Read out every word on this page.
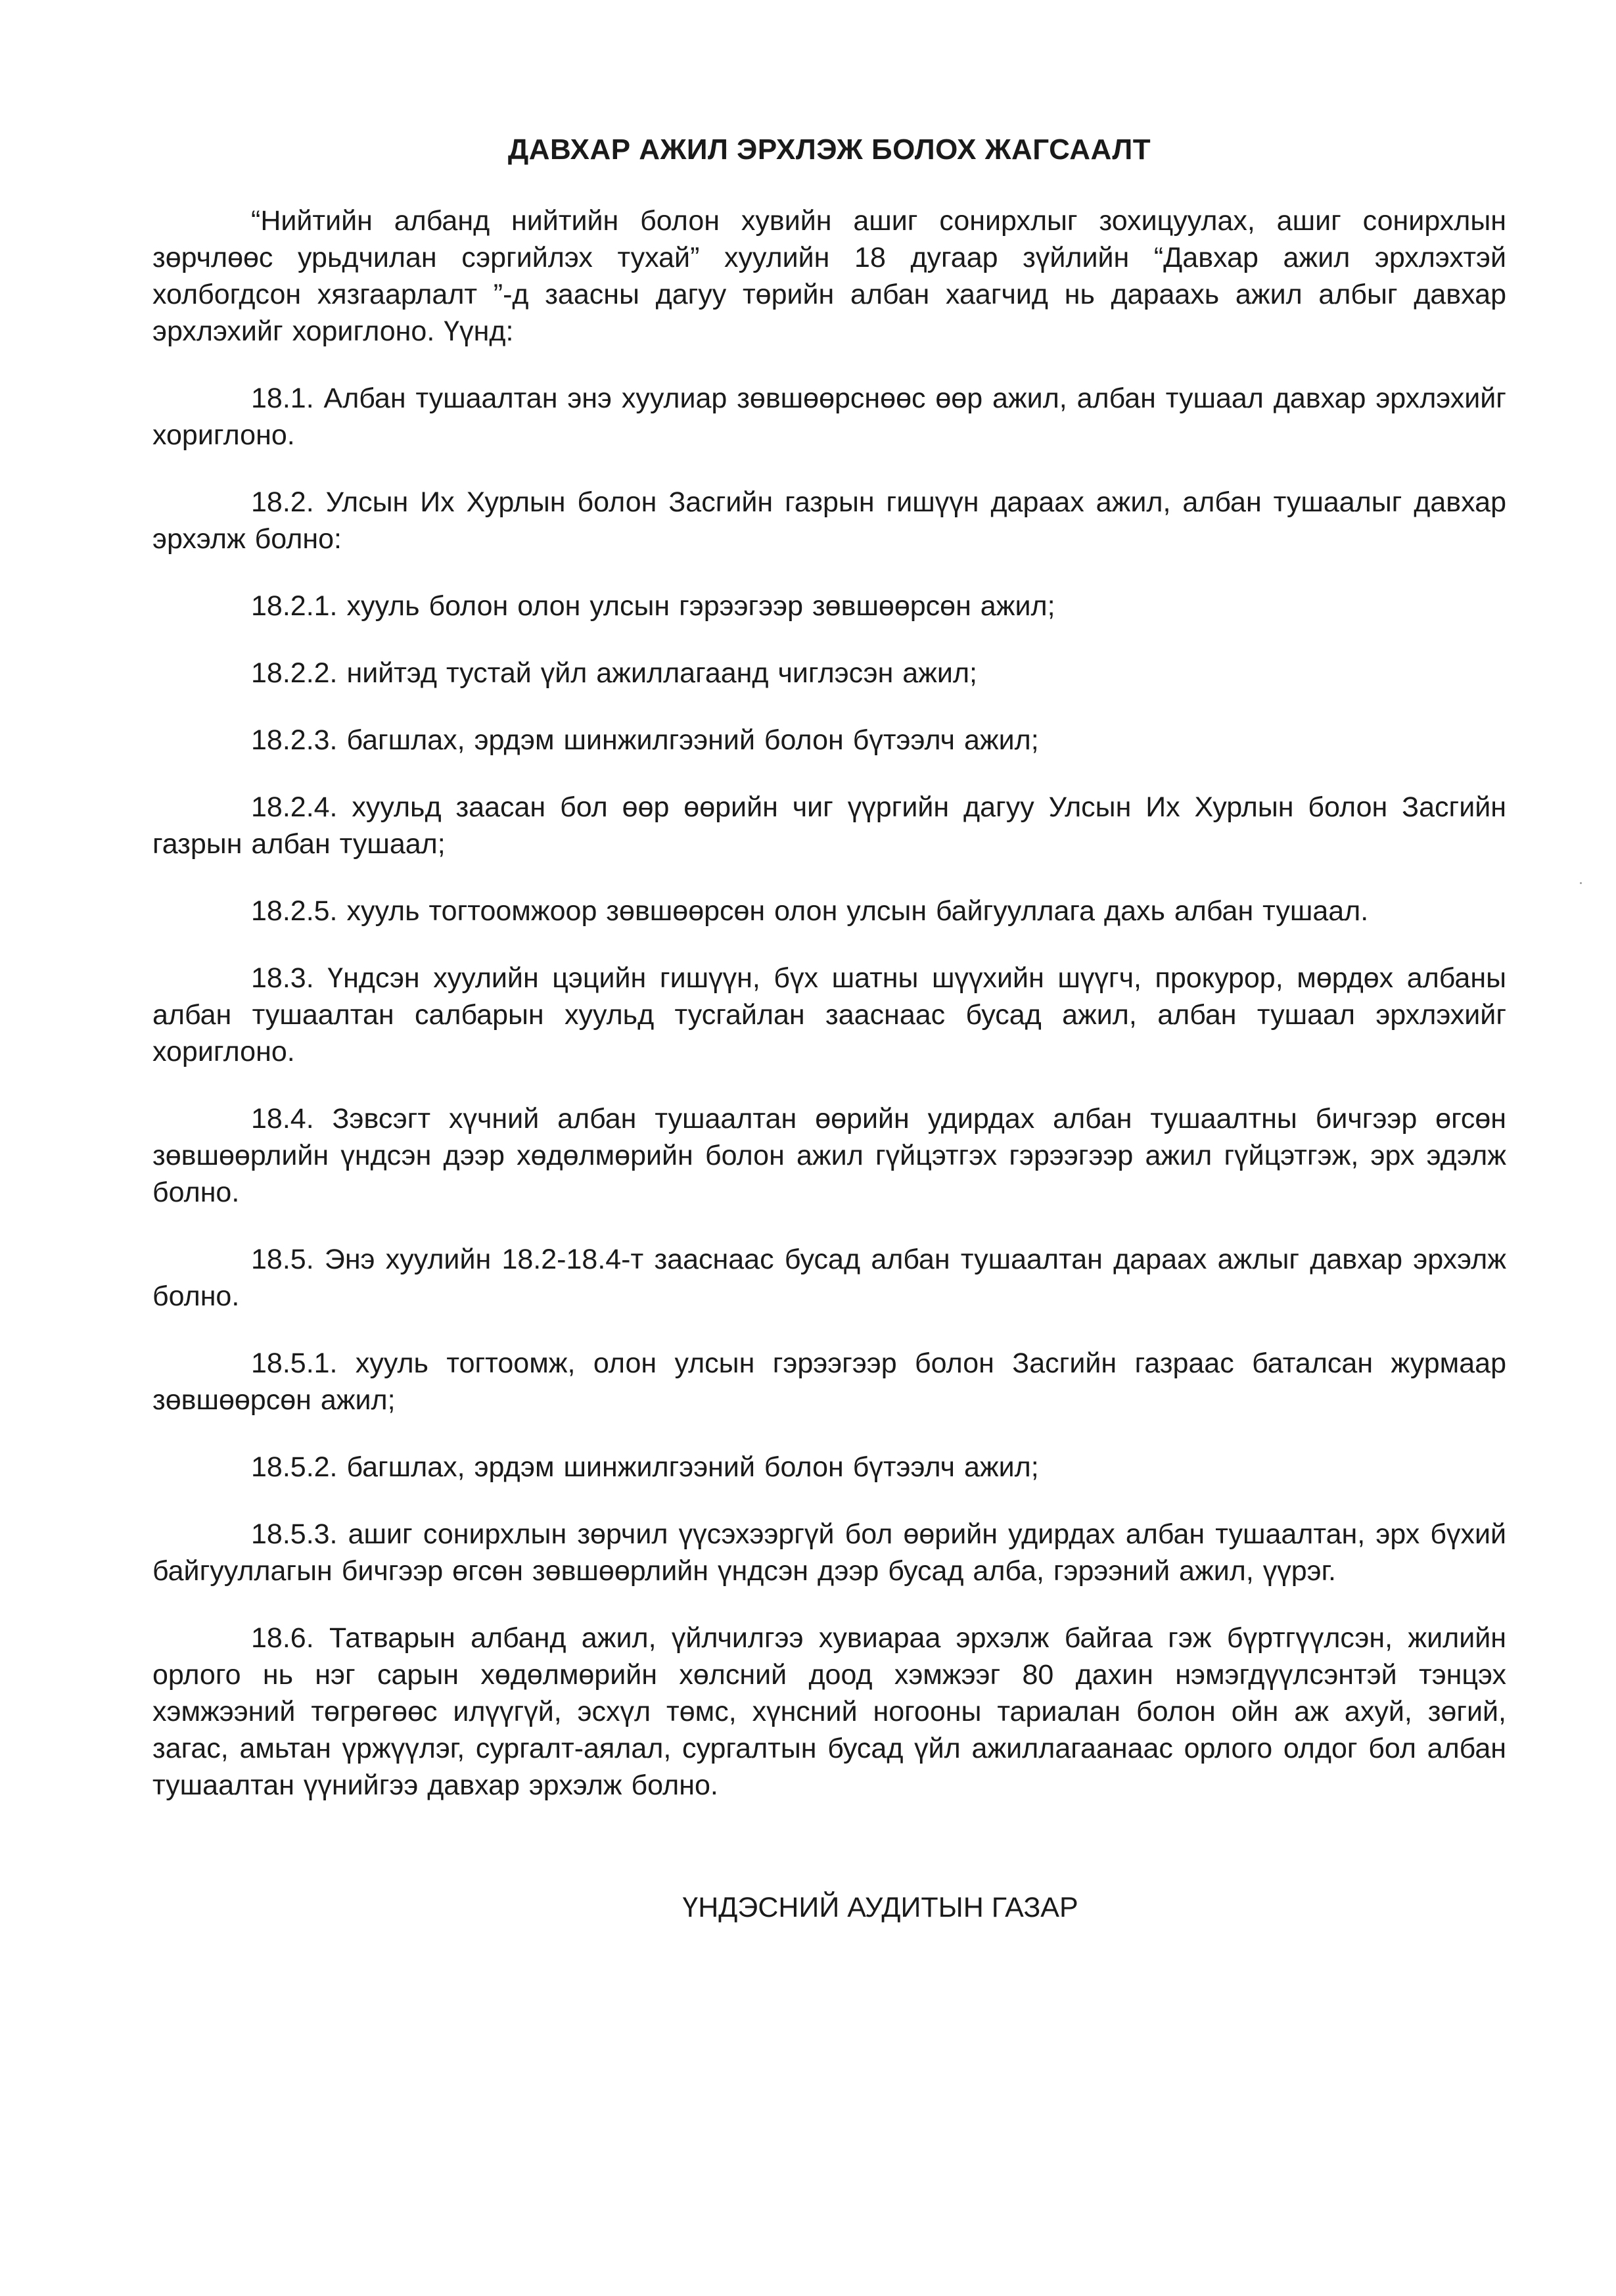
ДАВХАР АЖИЛ ЭРХЛЭЖ БОЛОХ ЖАГСААЛТ

“Нийтийн албанд нийтийн болон хувийн ашиг сонирхлыг зохицуулах, ашиг сонирхлын зөрчлөөс урьдчилан сэргийлэх тухай” хуулийн 18 дугаар зүйлийн “Давхар ажил эрхлэхтэй холбогдсон хязгаарлалт ”-д заасны дагуу төрийн албан хаагчид нь дараахь ажил албыг давхар эрхлэхийг хориглоно. Үүнд:

18.1. Албан тушаалтан энэ хуулиар зөвшөөрснөөс өөр ажил, албан тушаал давхар эрхлэхийг хориглоно.

18.2. Улсын Их Хурлын болон Засгийн газрын гишүүн дараах ажил, албан тушаалыг давхар эрхэлж болно:

18.2.1. хууль болон олон улсын гэрээгээр зөвшөөрсөн ажил;

18.2.2. нийтэд тустай үйл ажиллагаанд чиглэсэн ажил;

18.2.3. багшлах, эрдэм шинжилгээний болон бүтээлч ажил;

18.2.4. хуульд заасан бол өөр өөрийн чиг үүргийн дагуу Улсын Их Хурлын болон Засгийн газрын албан тушаал;

18.2.5. хууль тогтоомжоор зөвшөөрсөн олон улсын байгууллага дахь албан тушаал.

18.3. Үндсэн хуулийн цэцийн гишүүн, бүх шатны шүүхийн шүүгч, прокурор, мөрдөх албаны албан тушаалтан салбарын хуульд тусгайлан зааснаас бусад ажил, албан тушаал эрхлэхийг хориглоно.

18.4. Зэвсэгт хүчний албан тушаалтан өөрийн удирдах албан тушаалтны бичгээр өгсөн зөвшөөрлийн үндсэн дээр хөдөлмөрийн болон ажил гүйцэтгэх гэрээгээр ажил гүйцэтгэж, эрх эдэлж болно.

18.5. Энэ хуулийн 18.2-18.4-т зааснаас бусад албан тушаалтан дараах ажлыг давхар эрхэлж болно.

18.5.1. хууль тогтоомж, олон улсын гэрээгээр болон Засгийн газраас баталсан журмаар зөвшөөрсөн ажил;

18.5.2. багшлах, эрдэм шинжилгээний болон бүтээлч ажил;

18.5.3. ашиг сонирхлын зөрчил үүсэхээргүй бол өөрийн удирдах албан тушаалтан, эрх бүхий байгууллагын бичгээр өгсөн зөвшөөрлийн үндсэн дээр бусад алба, гэрээний ажил, үүрэг.

18.6. Татварын албанд ажил, үйлчилгээ хувиараа эрхэлж байгаа гэж бүртгүүлсэн, жилийн орлого нь нэг сарын хөдөлмөрийн хөлсний доод хэмжээг 80 дахин нэмэгдүүлсэнтэй тэнцэх хэмжээний төгрөгөөс илүүгүй, эсхүл төмс, хүнсний ногооны тариалан болон ойн аж ахуй, зөгий, загас, амьтан үржүүлэг, сургалт-аялал, сургалтын бусад үйл ажиллагаанаас орлого олдог бол албан тушаалтан үүнийгээ давхар эрхэлж болно.

ҮНДЭСНИЙ АУДИТЫН ГАЗАР
